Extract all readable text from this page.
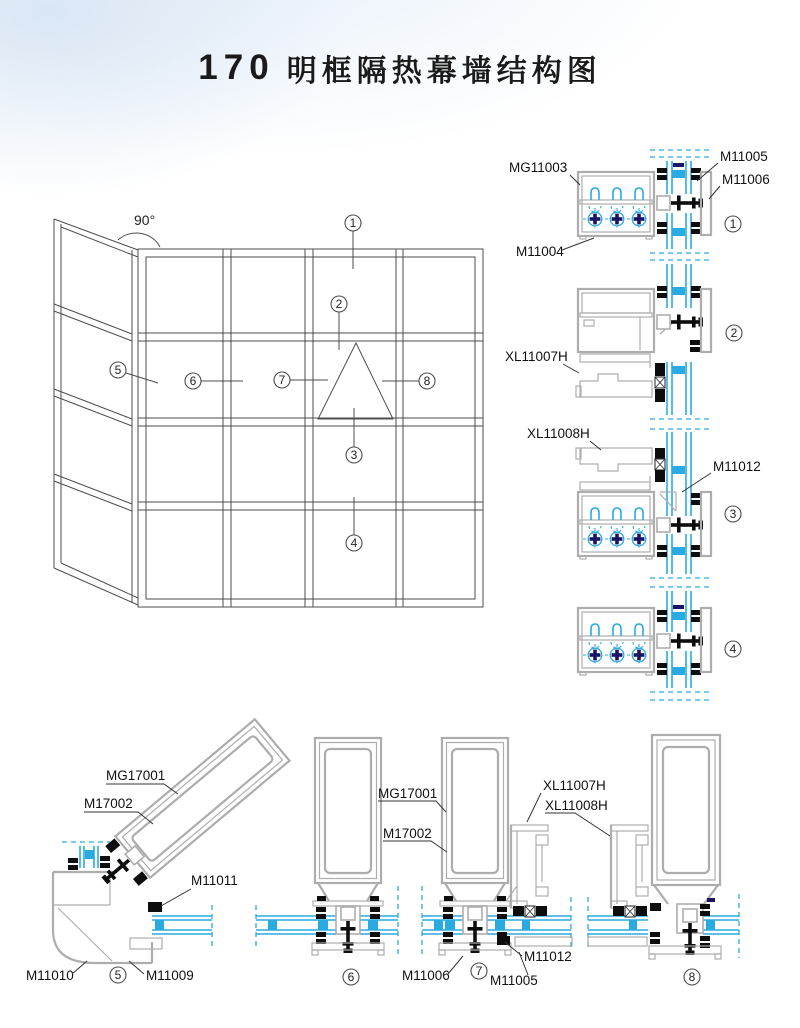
170 明框隔热幕墙结构图
90°	1
2
3
4
5
6	7	8
1
MG11003
M11005
M11006
M11004
2
XL11007H
3
XL11008H
M11012
4
MG17001
M17002
M11011
M11010	M11009
5	6
MG17001
M17002
7
M11006
M11012
M11005
XL11007H
XL11008H
8
